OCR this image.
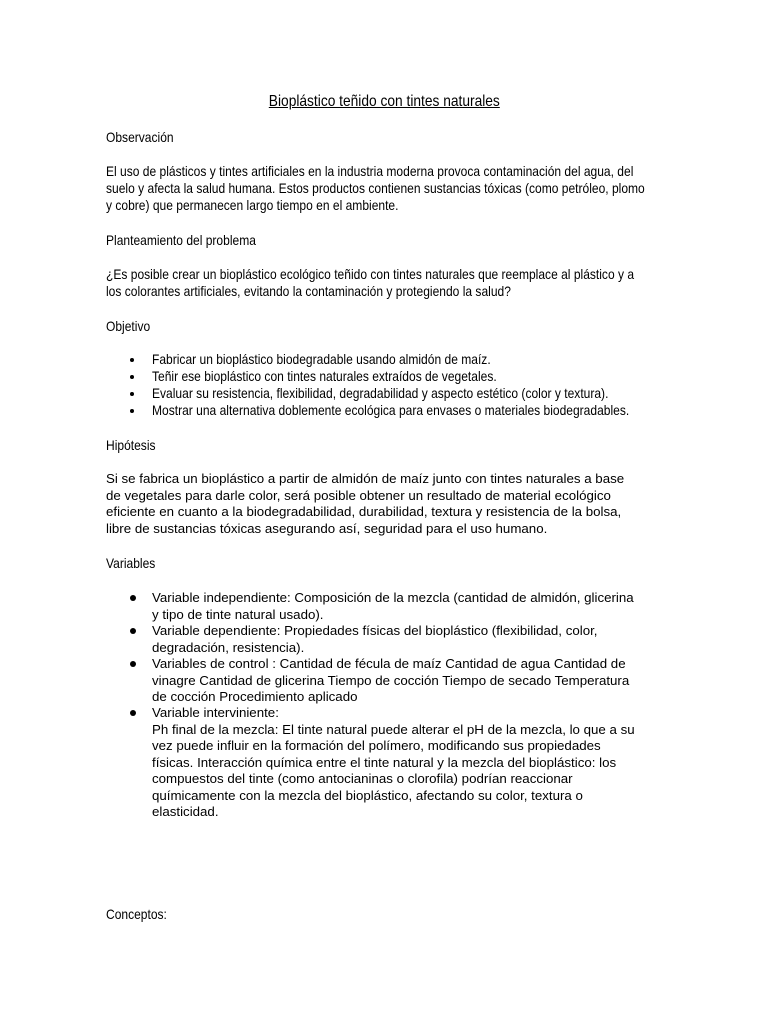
Bioplástico teñido con tintes naturales
Observación
El uso de plásticos y tintes artificiales en la industria moderna provoca contaminación del agua, del
suelo y afecta la salud humana. Estos productos contienen sustancias tóxicas (como petróleo, plomo
y cobre) que permanecen largo tiempo en el ambiente.
Planteamiento del problema
¿Es posible crear un bioplástico ecológico teñido con tintes naturales que reemplace al plástico y a
los colorantes artificiales, evitando la contaminación y protegiendo la salud?
Objetivo
Fabricar un bioplástico biodegradable usando almidón de maíz.
Teñir ese bioplástico con tintes naturales extraídos de vegetales.
Evaluar su resistencia, flexibilidad, degradabilidad y aspecto estético (color y textura).
Mostrar una alternativa doblemente ecológica para envases o materiales biodegradables.
Hipótesis
Si se fabrica un bioplástico a partir de almidón de maíz junto con tintes naturales a base
de vegetales para darle color, será posible obtener un resultado de material ecológico
eficiente en cuanto a la biodegradabilidad, durabilidad, textura y resistencia de la bolsa,
libre de sustancias tóxicas asegurando así, seguridad para el uso humano.
Variables
Variable independiente: Composición de la mezcla (cantidad de almidón, glicerina
y tipo de tinte natural usado).
Variable dependiente: Propiedades físicas del bioplástico (flexibilidad, color,
degradación, resistencia).
Variables de control : Cantidad de fécula de maíz Cantidad de agua Cantidad de
vinagre Cantidad de glicerina Tiempo de cocción Tiempo de secado Temperatura
de cocción Procedimiento aplicado
Variable interviniente:
Ph final de la mezcla: El tinte natural puede alterar el pH de la mezcla, lo que a su
vez puede influir en la formación del polímero, modificando sus propiedades
físicas. Interacción química entre el tinte natural y la mezcla del bioplástico: los
compuestos del tinte (como antocianinas o clorofila) podrían reaccionar
químicamente con la mezcla del bioplástico, afectando su color, textura o
elasticidad.
Conceptos:
